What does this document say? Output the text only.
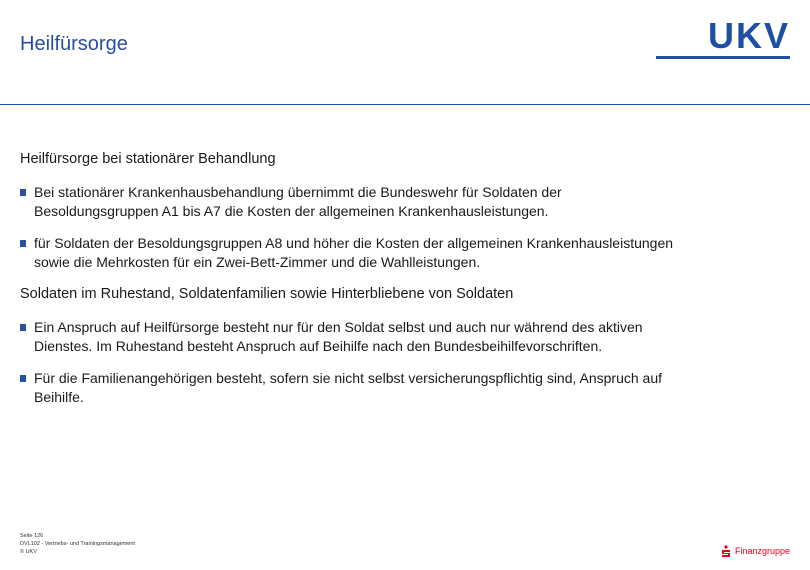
Heilfürsorge	UKV
Heilfürsorge bei stationärer Behandlung
Bei stationärer Krankenhausbehandlung übernimmt die Bundeswehr für Soldaten der Besoldungsgruppen A1 bis A7 die Kosten der allgemeinen Krankenhausleistungen.
für Soldaten der Besoldungsgruppen A8 und höher die Kosten der allgemeinen Krankenhausleistungen sowie die Mehrkosten für ein Zwei-Bett-Zimmer und die Wahlleistungen.
Soldaten im Ruhestand, Soldatenfamilien sowie Hinterbliebene von Soldaten
Ein Anspruch auf Heilfürsorge besteht nur für den Soldat selbst und auch nur während des aktiven Dienstes. Im Ruhestand besteht Anspruch auf Beihilfe nach den Bundesbeihilfevorschriften.
Für die Familienangehörigen besteht, sofern sie nicht selbst versicherungspflichtig sind, Anspruch auf Beihilfe.
Seite 126
DVL102 - Vertriebs- und Trainingsmanagement
© UKV	Finanzgruppe
